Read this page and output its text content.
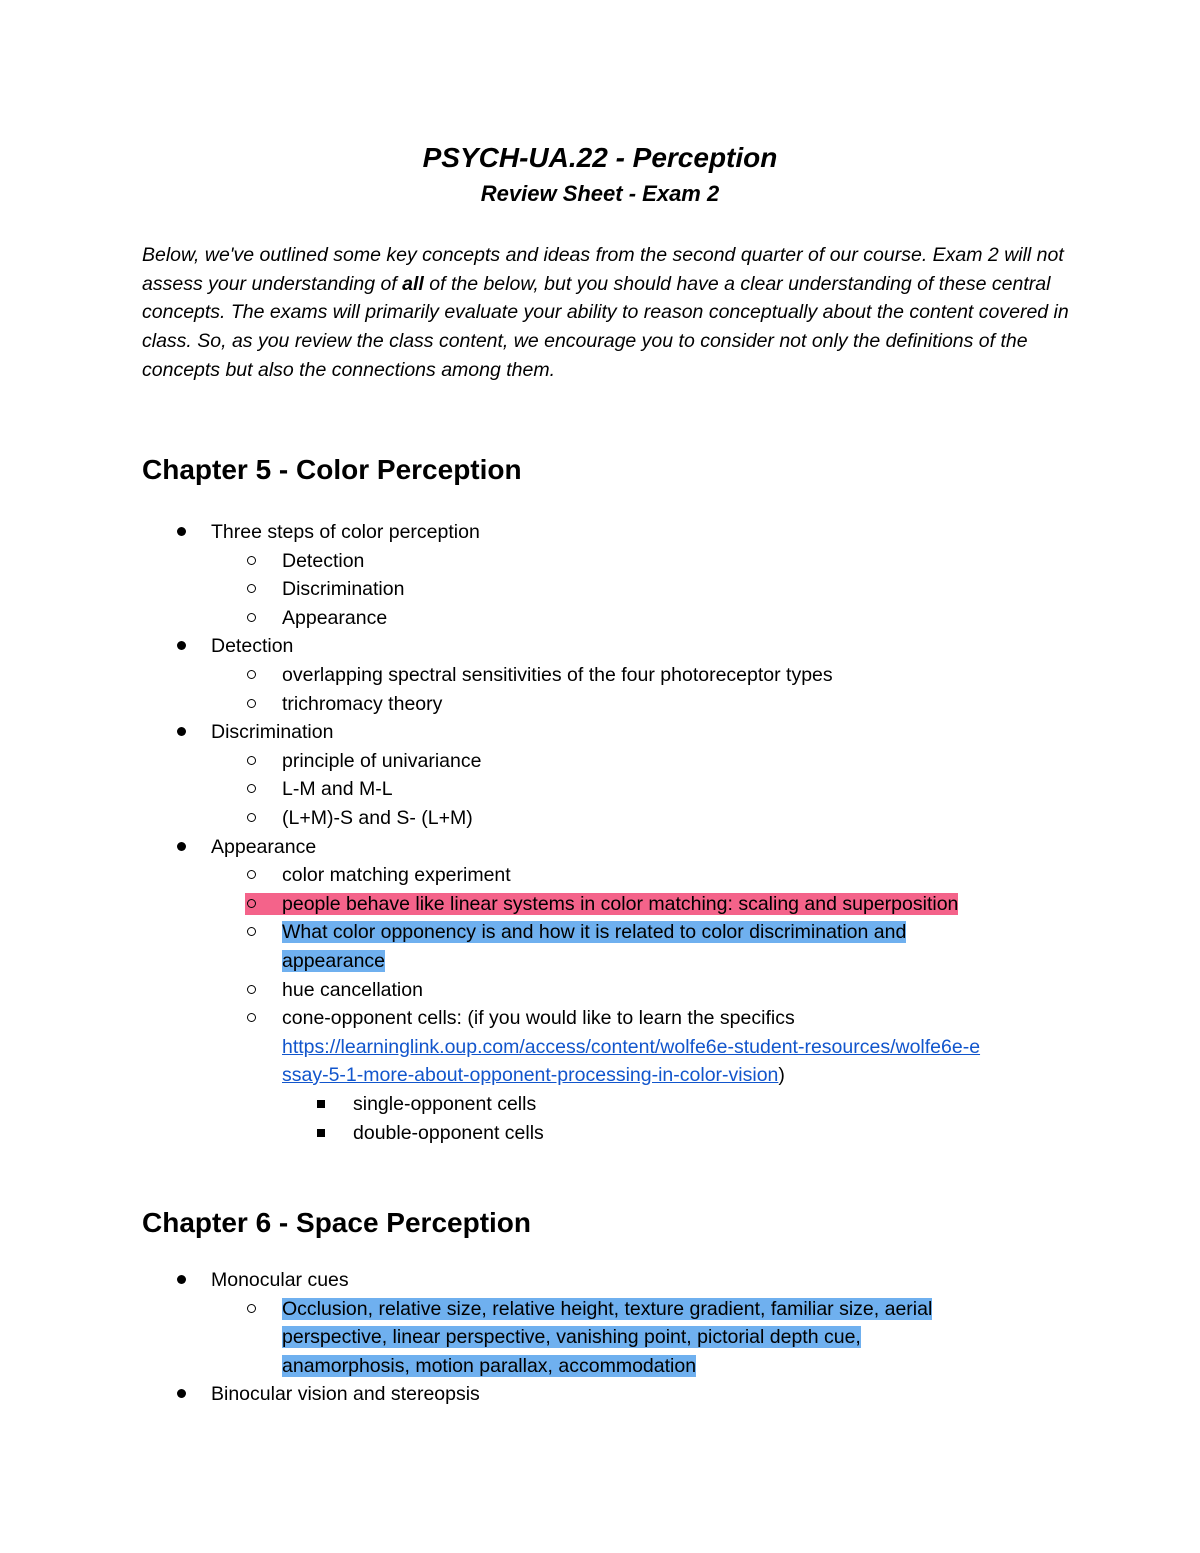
PSYCH-UA.22 - Perception
Review Sheet - Exam 2
Below, we've outlined some key concepts and ideas from the second quarter of our course. Exam 2 will not assess your understanding of all of the below, but you should have a clear understanding of these central concepts. The exams will primarily evaluate your ability to reason conceptually about the content covered in class. So, as you review the class content, we encourage you to consider not only the definitions of the concepts but also the connections among them.
Chapter 5 - Color Perception
Three steps of color perception
Detection
Discrimination
Appearance
Detection
overlapping spectral sensitivities of the four photoreceptor types
trichromacy theory
Discrimination
principle of univariance
L-M and M-L
(L+M)-S and S- (L+M)
Appearance
color matching experiment
people behave like linear systems in color matching: scaling and superposition
What color opponency is and how it is related to color discrimination and
appearance
hue cancellation
cone-opponent cells: (if you would like to learn the specifics
https://learninglink.oup.com/access/content/wolfe6e-student-resources/wolfe6e-e
ssay-5-1-more-about-opponent-processing-in-color-vision)
single-opponent cells
double-opponent cells
Chapter 6 - Space Perception
Monocular cues
Occlusion, relative size, relative height, texture gradient, familiar size, aerial
perspective, linear perspective, vanishing point, pictorial depth cue,
anamorphosis, motion parallax, accommodation
Binocular vision and stereopsis
